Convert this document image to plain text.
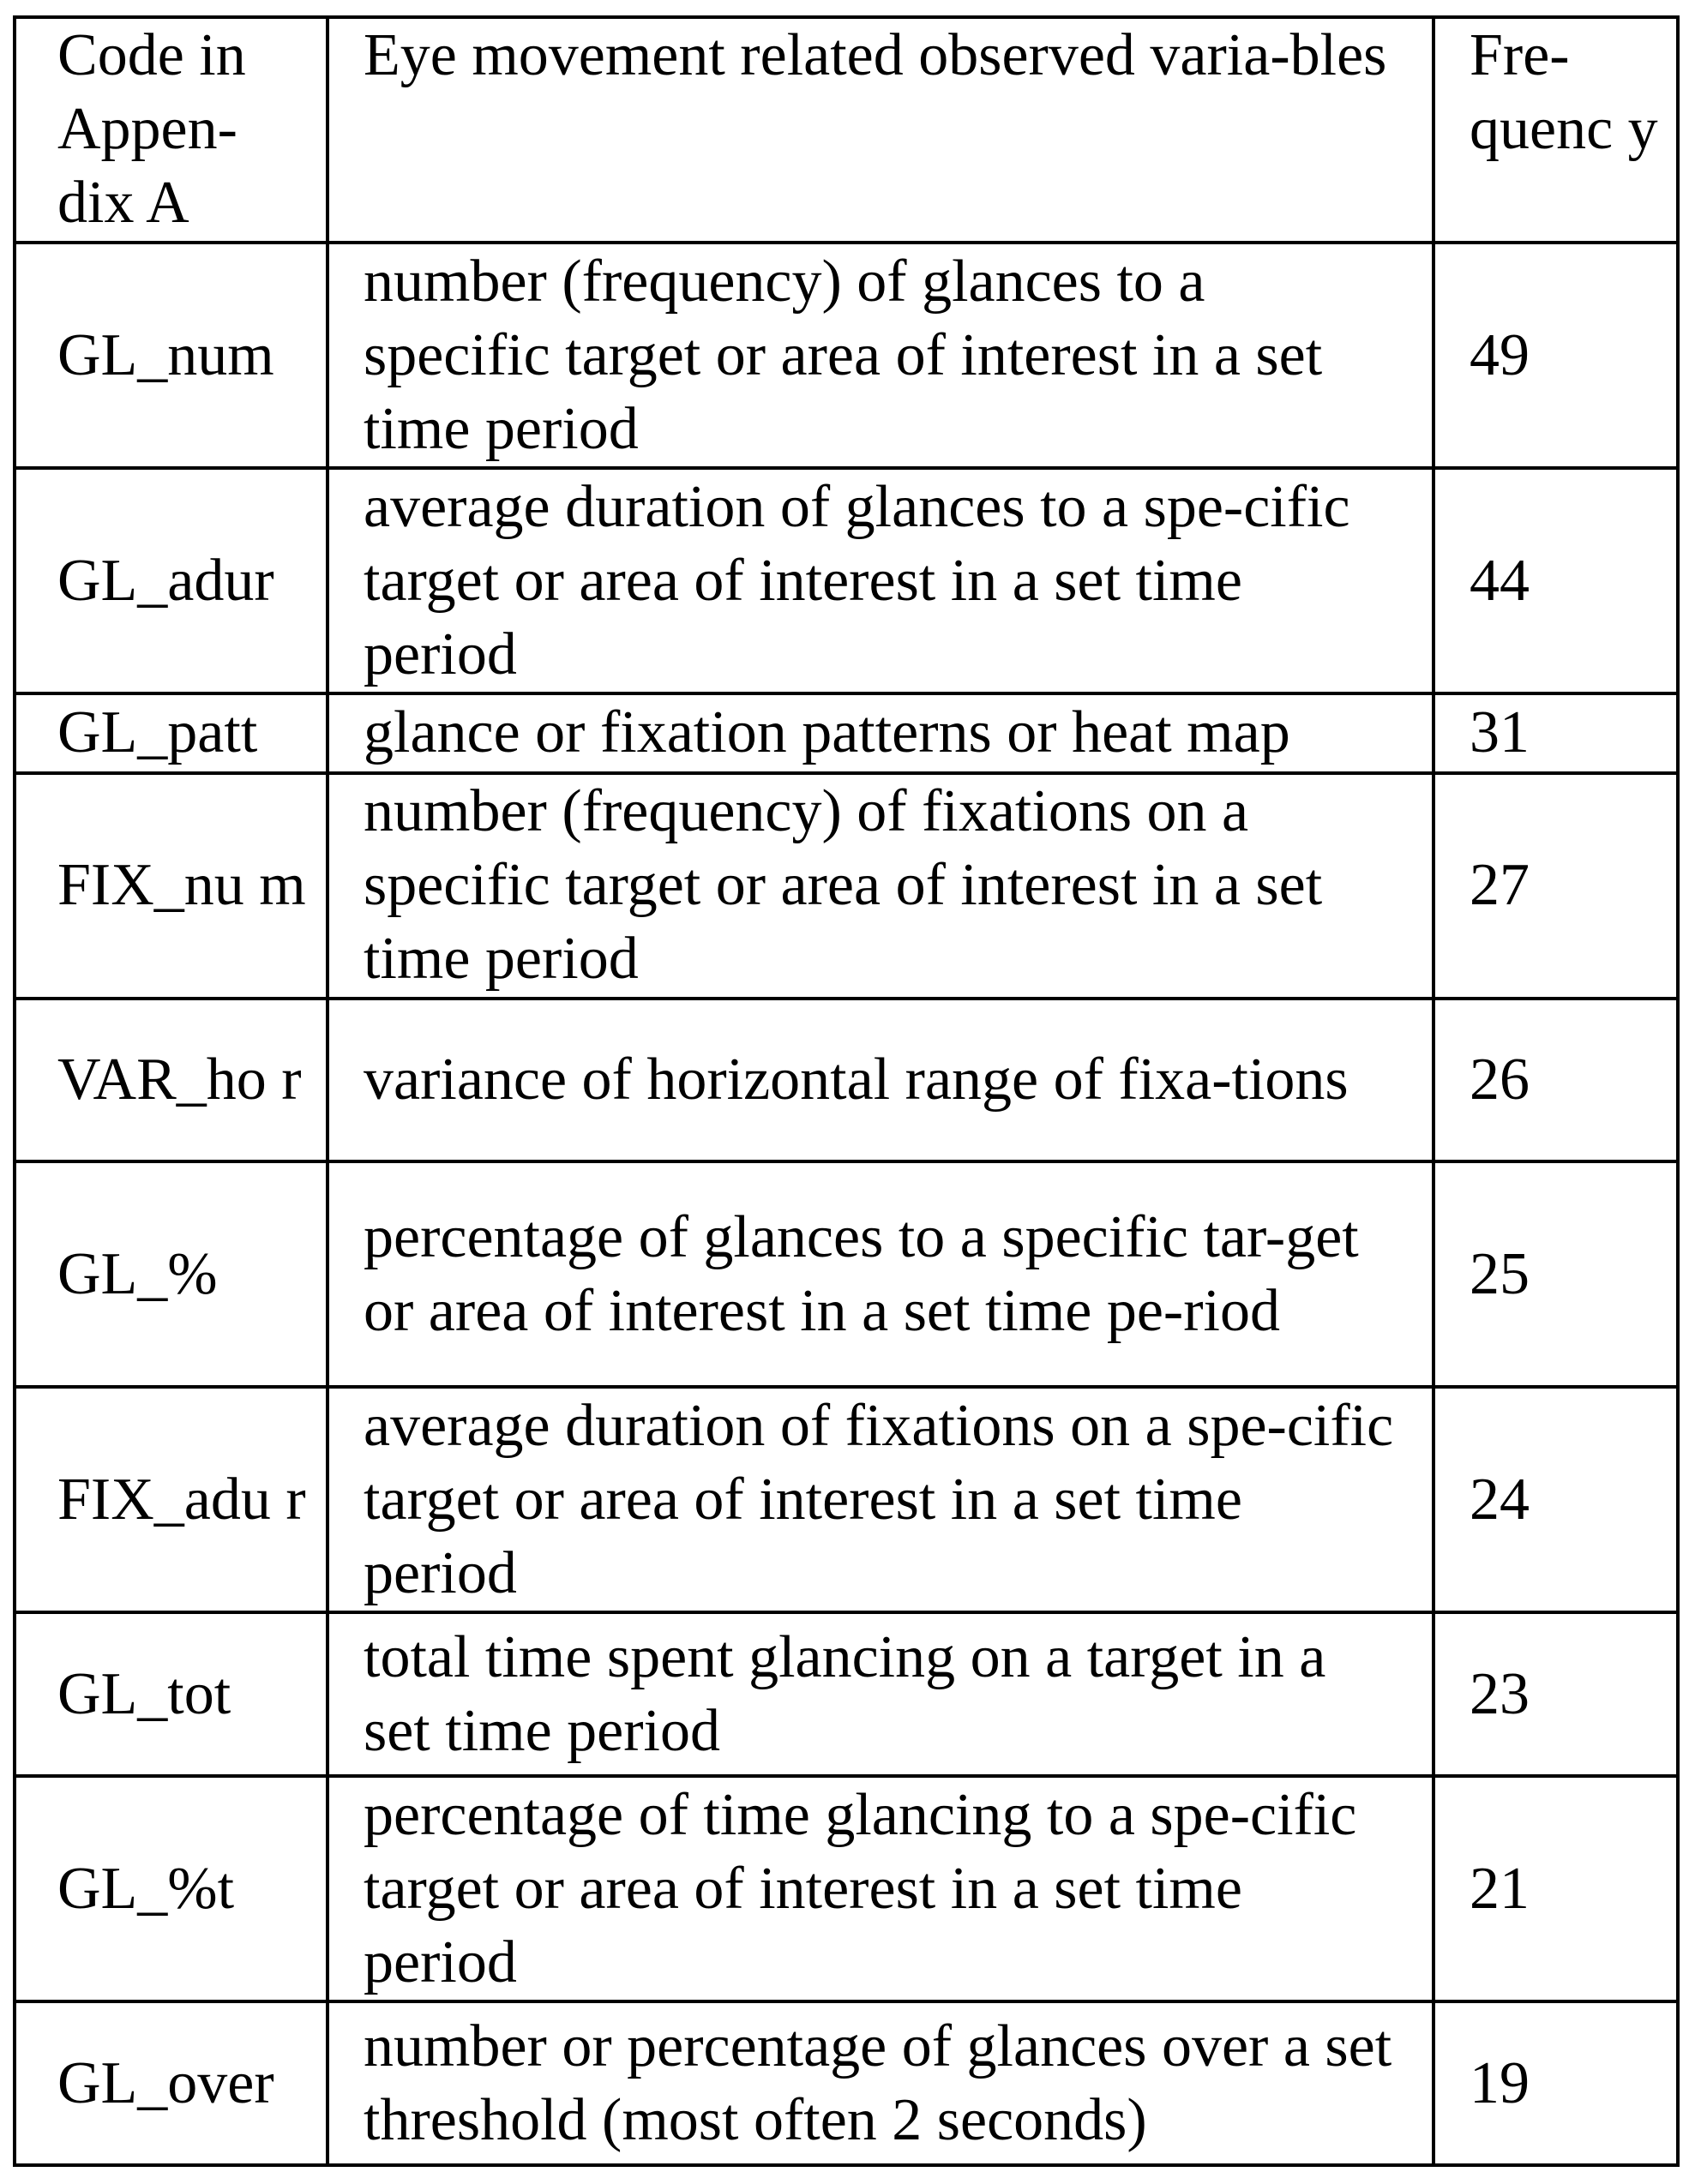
Code in Appen-dix A	Eye movement related observed varia-bles	Fre-quenc y
GL_num	number (frequency) of glances to a specific target or area of interest in a set time period	49
GL_adur	average duration of glances to a spe-cific target or area of interest in a set time period	44
GL_patt	glance or fixation patterns or heat map	31
FIX_nu m	number (frequency) of fixations on a specific target or area of interest in a set time period	27
VAR_ho r	variance of horizontal range of fixa-tions	26
GL_%	percentage of glances to a specific tar-get or area of interest in a set time pe-riod	25
FIX_adu r	average duration of fixations on a spe-cific target or area of interest in a set time period	24
GL_tot	total time spent glancing on a target in a set time period	23
GL_%t	percentage of time glancing to a spe-cific target or area of interest in a set time period	21
GL_over	number or percentage of glances over a set threshold (most often 2 seconds)	19
